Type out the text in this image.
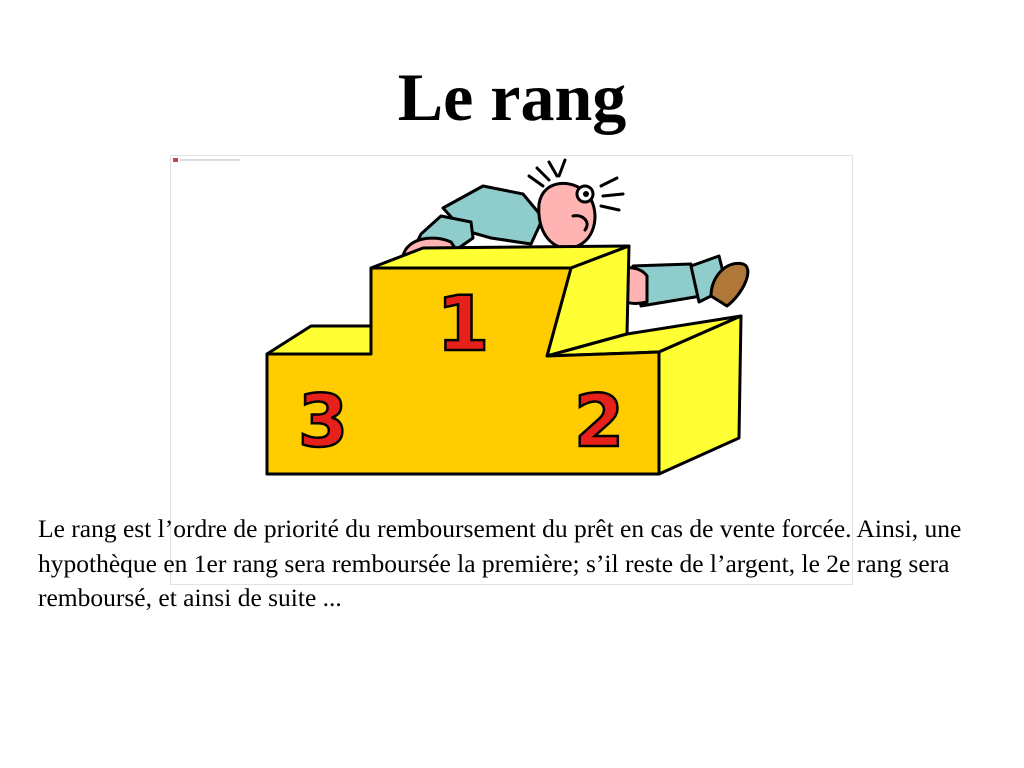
Le rang
1
2
3

Le rang est l’ordre de priorité du remboursement du prêt en cas de vente forcée. Ainsi, une hypothèque en 1er rang sera remboursée la première; s’il reste de l’argent, le 2e rang sera remboursé, et ainsi de suite ...
